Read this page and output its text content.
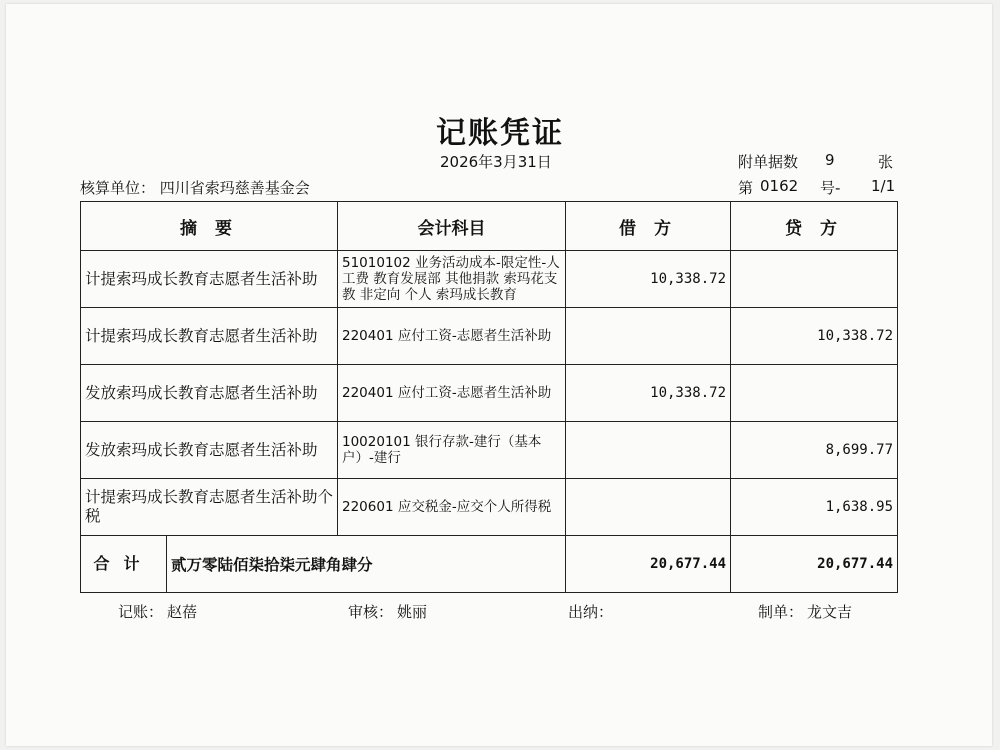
记账凭证
2026年3月31日	附单据数 9	张
核算单位： 四川省索玛慈善基金会	第 0162 号- 1/1
摘 要	会计科目	借 方	贷 方
计提索玛成长教育志愿者生活补助	51010102 业务活动成本-限定性-人工费 教育发展部 其他捐款 索玛花支教 非定向 个人 索玛成长教育	10,338.72	
计提索玛成长教育志愿者生活补助	220401 应付工资-志愿者生活补助		10,338.72
发放索玛成长教育志愿者生活补助	220401 应付工资-志愿者生活补助	10,338.72	
发放索玛成长教育志愿者生活补助	10020101 银行存款-建行（基本户）-建行		8,699.77
计提索玛成长教育志愿者生活补助个税	220601 应交税金-应交个人所得税		1,638.95

合计 贰万零陆佰柒拾柒元肆角肆分		20,677.44	20,677.44
记账： 赵蓓	审核： 姚丽	出纳：	制单： 龙文吉
